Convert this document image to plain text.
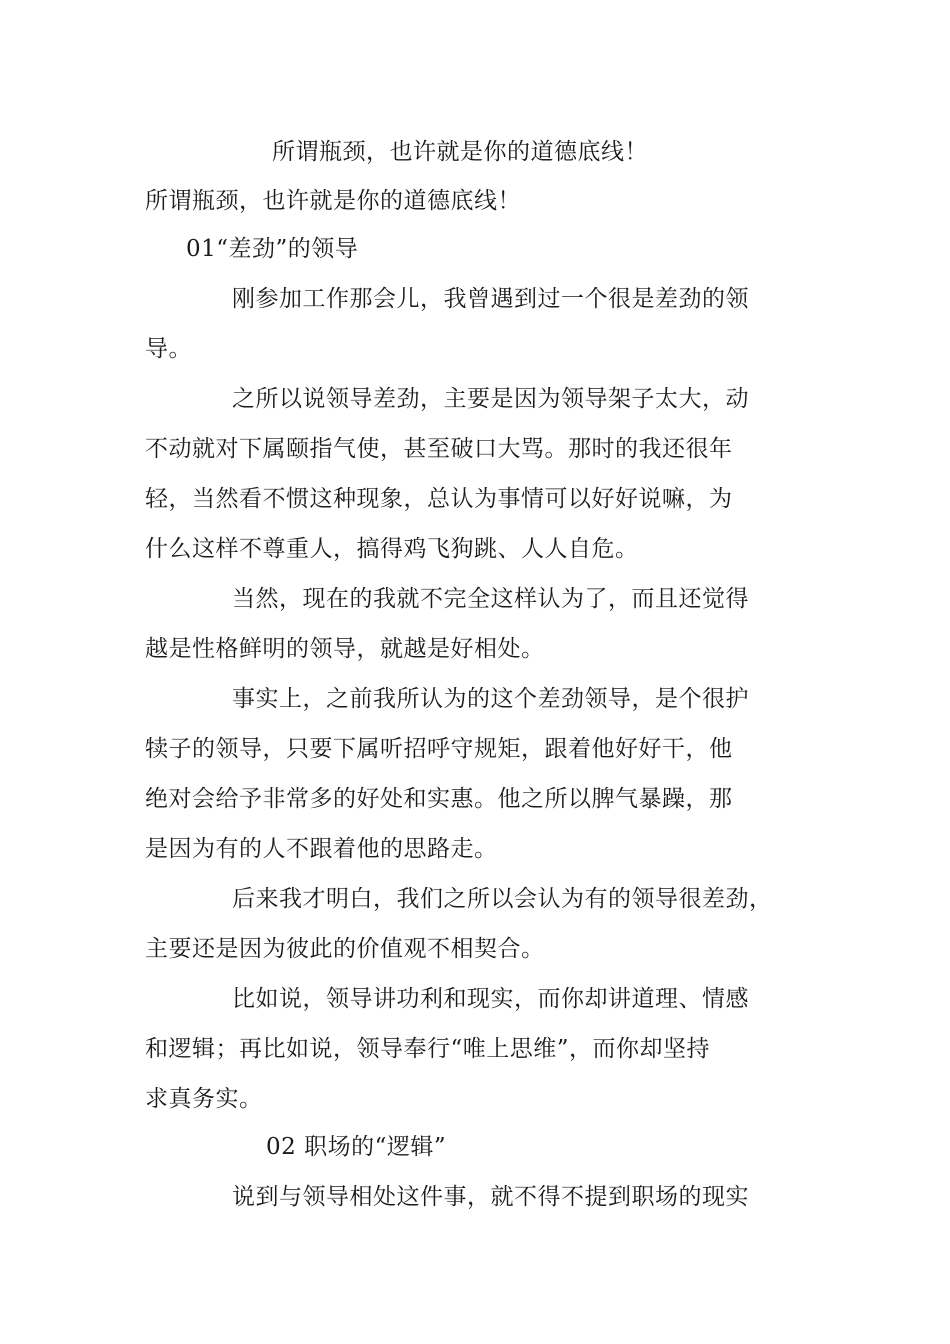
所谓瓶颈，也许就是你的道德底线！
所谓瓶颈，也许就是你的道德底线！
01“差劲”的领导
刚参加工作那会儿，我曾遇到过一个很是差劲的领
导。
之所以说领导差劲，主要是因为领导架子太大，动
不动就对下属颐指气使，甚至破口大骂。那时的我还很年
轻，当然看不惯这种现象，总认为事情可以好好说嘛，为
什么这样不尊重人，搞得鸡飞狗跳、人人自危。
当然，现在的我就不完全这样认为了，而且还觉得
越是性格鲜明的领导，就越是好相处。
事实上，之前我所认为的这个差劲领导，是个很护
犊子的领导，只要下属听招呼守规矩，跟着他好好干，他
绝对会给予非常多的好处和实惠。他之所以脾气暴躁，那
是因为有的人不跟着他的思路走。
后来我才明白，我们之所以会认为有的领导很差劲，
主要还是因为彼此的价值观不相契合。
比如说，领导讲功利和现实，而你却讲道理、情感
和逻辑；再比如说，领导奉行“唯上思维”，而你却坚持
求真务实。
02 职场的“逻辑”
说到与领导相处这件事，就不得不提到职场的现实
